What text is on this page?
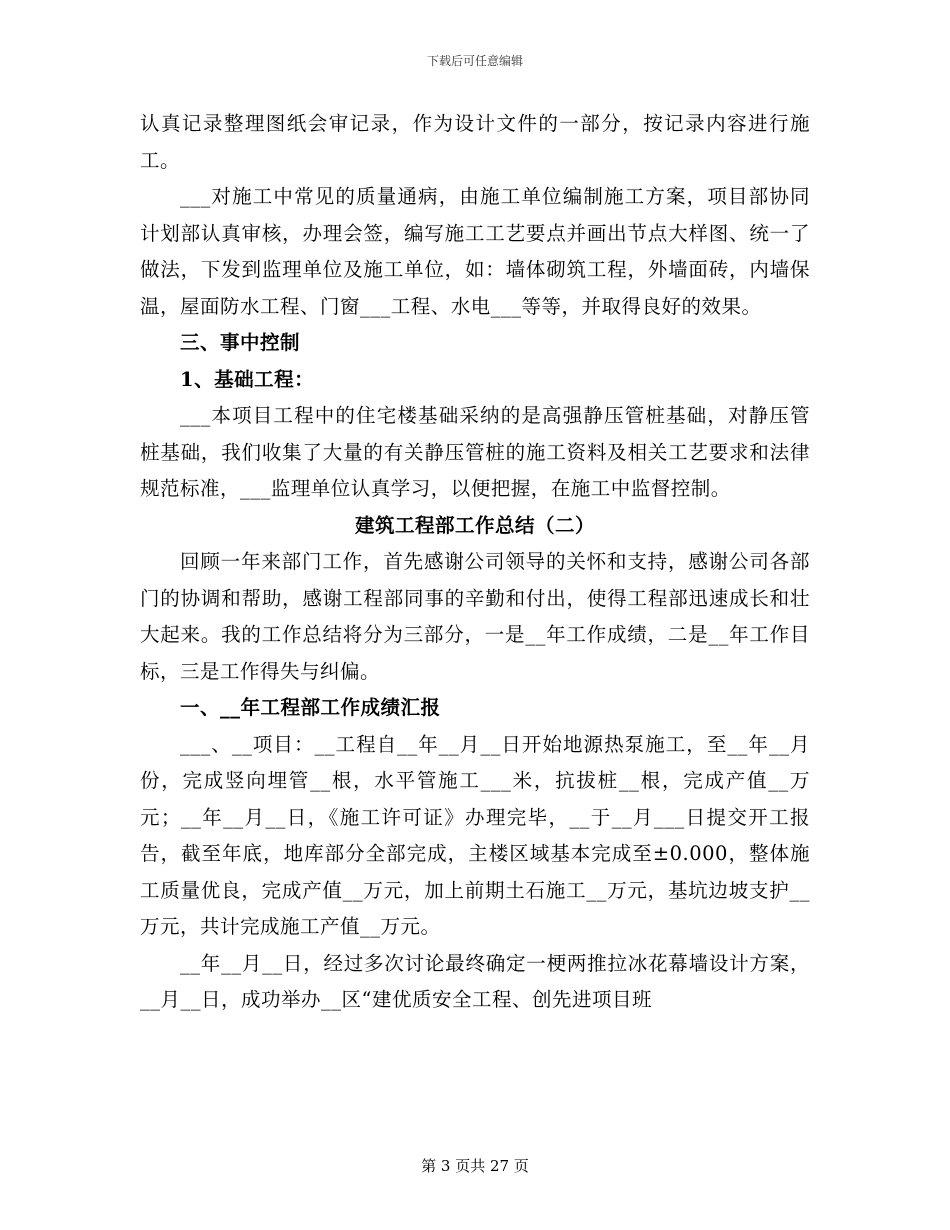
下载后可任意编辑

认真记录整理图纸会审记录，作为设计文件的一部分，按记录内容进行施工。

___对施工中常见的质量通病，由施工单位编制施工方案，项目部协同计划部认真审核，办理会签，编写施工工艺要点并画出节点大样图、统一了做法，下发到监理单位及施工单位，如：墙体砌筑工程，外墙面砖，内墙保温，屋面防水工程、门窗___工程、水电___等等，并取得良好的效果。

三、事中控制

1、基础工程：

___本项目工程中的住宅楼基础采纳的是高强静压管桩基础，对静压管桩基础，我们收集了大量的有关静压管桩的施工资料及相关工艺要求和法律规范标准，___监理单位认真学习，以便把握，在施工中监督控制。

建筑工程部工作总结（二）

回顾一年来部门工作，首先感谢公司领导的关怀和支持，感谢公司各部门的协调和帮助，感谢工程部同事的辛勤和付出，使得工程部迅速成长和壮大起来。我的工作总结将分为三部分，一是__年工作成绩，二是__年工作目标，三是工作得失与纠偏。

一、__年工程部工作成绩汇报

___、__项目：__工程自__年__月__日开始地源热泵施工，至__年__月份，完成竖向埋管__根，水平管施工___米，抗拔桩__根，完成产值__万元；__年__月__日，《施工许可证》办理完毕，__于__月___日提交开工报告，截至年底，地库部分全部完成，主楼区域基本完成至±0.000，整体施工质量优良，完成产值__万元，加上前期土石施工__万元，基坑边坡支护__万元，共计完成施工产值__万元。

__年__月__日，经过多次讨论最终确定一梗两推拉冰花幕墙设计方案，__月__日，成功举办__区“建优质安全工程、创先进项目班

第 3 页共 27 页
